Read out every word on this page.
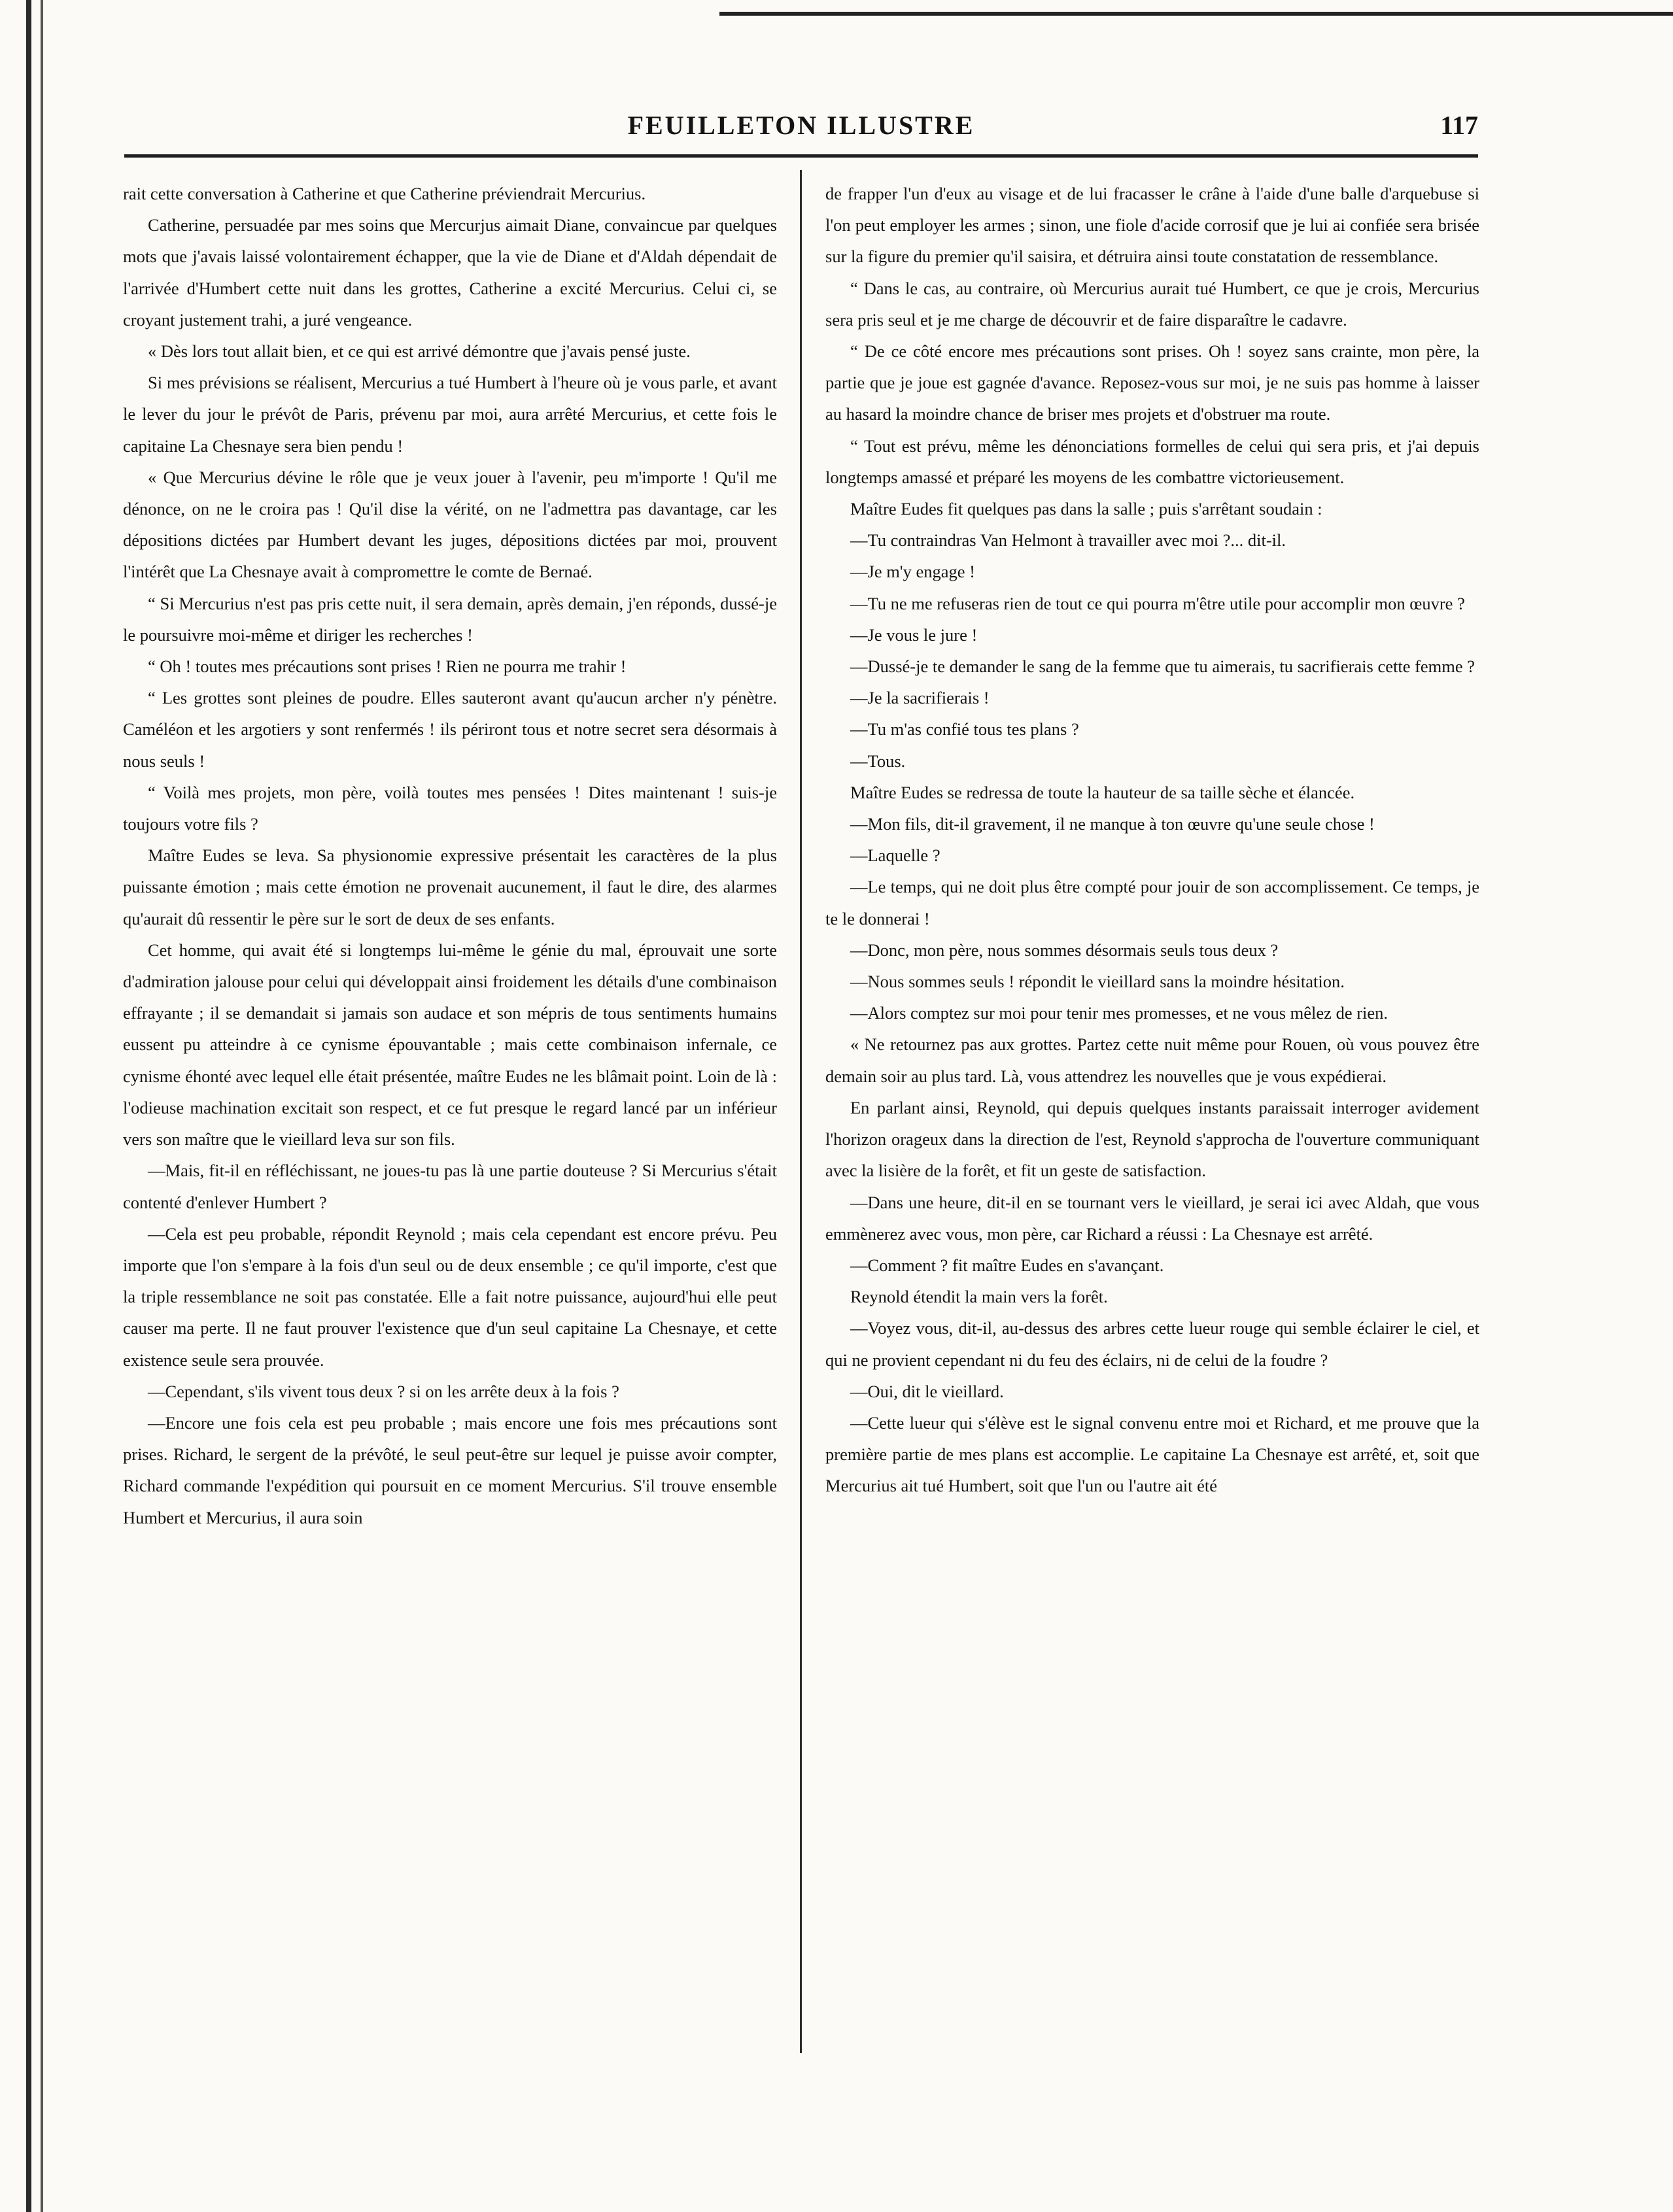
FEUILLETON ILLUSTRE	117

rait cette conversation à Catherine et que Catherine préviendrait Mercurius.

Catherine, persuadée par mes soins que Mercurjus aimait Diane, convaincue par quelques mots que j'avais laissé volontairement échapper, que la vie de Diane et d'Aldah dépendait de l'arrivée d'Humbert cette nuit dans les grottes, Catherine a excité Mercurius. Celui ci, se croyant justement trahi, a juré vengeance.

« Dès lors tout allait bien, et ce qui est arrivé démontre que j'avais pensé juste.

Si mes prévisions se réalisent, Mercurius a tué Humbert à l'heure où je vous parle, et avant le lever du jour le prévôt de Paris, prévenu par moi, aura arrêté Mercurius, et cette fois le capitaine La Chesnaye sera bien pendu !

« Que Mercurius dévine le rôle que je veux jouer à l'avenir, peu m'importe ! Qu'il me dénonce, on ne le croira pas ! Qu'il dise la vérité, on ne l'admettra pas davantage, car les dépositions dictées par Humbert devant les juges, dépositions dictées par moi, prouvent l'intérêt que La Chesnaye avait à compromettre le comte de Bernaé.

“ Si Mercurius n'est pas pris cette nuit, il sera demain, après demain, j'en réponds, dussé-je le poursuivre moi-même et diriger les recherches !

“ Oh ! toutes mes précautions sont prises ! Rien ne pourra me trahir !

“ Les grottes sont pleines de poudre. Elles sauteront avant qu'aucun archer n'y pénètre. Caméléon et les argotiers y sont renfermés ! ils périront tous et notre secret sera désormais à nous seuls !

“ Voilà mes projets, mon père, voilà toutes mes pensées ! Dites maintenant ! suis-je toujours votre fils ?

Maître Eudes se leva. Sa physionomie expressive présentait les caractères de la plus puissante émotion ; mais cette émotion ne provenait aucunement, il faut le dire, des alarmes qu'aurait dû ressentir le père sur le sort de deux de ses enfants.

Cet homme, qui avait été si longtemps lui-même le génie du mal, éprouvait une sorte d'admiration jalouse pour celui qui développait ainsi froidement les détails d'une combinaison effrayante ; il se demandait si jamais son audace et son mépris de tous sentiments humains eussent pu atteindre à ce cynisme épouvantable ; mais cette combinaison infernale, ce cynisme éhonté avec lequel elle était présentée, maître Eudes ne les blâmait point. Loin de là : l'odieuse machination excitait son respect, et ce fut presque le regard lancé par un inférieur vers son maître que le vieillard leva sur son fils.

—Mais, fit-il en réfléchissant, ne joues-tu pas là une partie douteuse ? Si Mercurius s'était contenté d'enlever Humbert ?

—Cela est peu probable, répondit Reynold ; mais cela cependant est encore prévu. Peu importe que l'on s'empare à la fois d'un seul ou de deux ensemble ; ce qu'il importe, c'est que la triple ressemblance ne soit pas constatée. Elle a fait notre puissance, aujourd'hui elle peut causer ma perte. Il ne faut prouver l'existence que d'un seul capitaine La Chesnaye, et cette existence seule sera prouvée.

—Cependant, s'ils vivent tous deux ? si on les arrête deux à la fois ?

—Encore une fois cela est peu probable ; mais encore une fois mes précautions sont prises. Richard, le sergent de la prévôté, le seul peut-être sur lequel je puisse avoir compter, Richard commande l'expédition qui poursuit en ce moment Mercurius. S'il trouve ensemble Humbert et Mercurius, il aura soin

de frapper l'un d'eux au visage et de lui fracasser le crâne à l'aide d'une balle d'arquebuse si l'on peut employer les armes ; sinon, une fiole d'acide corrosif que je lui ai confiée sera brisée sur la figure du premier qu'il saisira, et détruira ainsi toute constatation de ressemblance.

“ Dans le cas, au contraire, où Mercurius aurait tué Humbert, ce que je crois, Mercurius sera pris seul et je me charge de découvrir et de faire disparaître le cadavre.

“ De ce côté encore mes précautions sont prises. Oh ! soyez sans crainte, mon père, la partie que je joue est gagnée d'avance. Reposez-vous sur moi, je ne suis pas homme à laisser au hasard la moindre chance de briser mes projets et d'obstruer ma route.

“ Tout est prévu, même les dénonciations formelles de celui qui sera pris, et j'ai depuis longtemps amassé et préparé les moyens de les combattre victorieusement.

Maître Eudes fit quelques pas dans la salle ; puis s'arrêtant soudain :

—Tu contraindras Van Helmont à travailler avec moi ?... dit-il.

—Je m'y engage !

—Tu ne me refuseras rien de tout ce qui pourra m'être utile pour accomplir mon œuvre ?

—Je vous le jure !

—Dussé-je te demander le sang de la femme que tu aimerais, tu sacrifierais cette femme ?

—Je la sacrifierais !

—Tu m'as confié tous tes plans ?

—Tous.

Maître Eudes se redressa de toute la hauteur de sa taille sèche et élancée.

—Mon fils, dit-il gravement, il ne manque à ton œuvre qu'une seule chose !

—Laquelle ?

—Le temps, qui ne doit plus être compté pour jouir de son accomplissement. Ce temps, je te le donnerai !

—Donc, mon père, nous sommes désormais seuls tous deux ?

—Nous sommes seuls ! répondit le vieillard sans la moindre hésitation.

—Alors comptez sur moi pour tenir mes promesses, et ne vous mêlez de rien.

« Ne retournez pas aux grottes. Partez cette nuit même pour Rouen, où vous pouvez être demain soir au plus tard. Là, vous attendrez les nouvelles que je vous expédierai.

En parlant ainsi, Reynold, qui depuis quelques instants paraissait interroger avidement l'horizon orageux dans la direction de l'est, Reynold s'approcha de l'ouverture communiquant avec la lisière de la forêt, et fit un geste de satisfaction.

—Dans une heure, dit-il en se tournant vers le vieillard, je serai ici avec Aldah, que vous emmènerez avec vous, mon père, car Richard a réussi : La Chesnaye est arrêté.

—Comment ? fit maître Eudes en s'avançant.

Reynold étendit la main vers la forêt.

—Voyez vous, dit-il, au-dessus des arbres cette lueur rouge qui semble éclairer le ciel, et qui ne provient cependant ni du feu des éclairs, ni de celui de la foudre ?

—Oui, dit le vieillard.

—Cette lueur qui s'élève est le signal convenu entre moi et Richard, et me prouve que la première partie de mes plans est accomplie. Le capitaine La Chesnaye est arrêté, et, soit que Mercurius ait tué Humbert, soit que l'un ou l'autre ait été
